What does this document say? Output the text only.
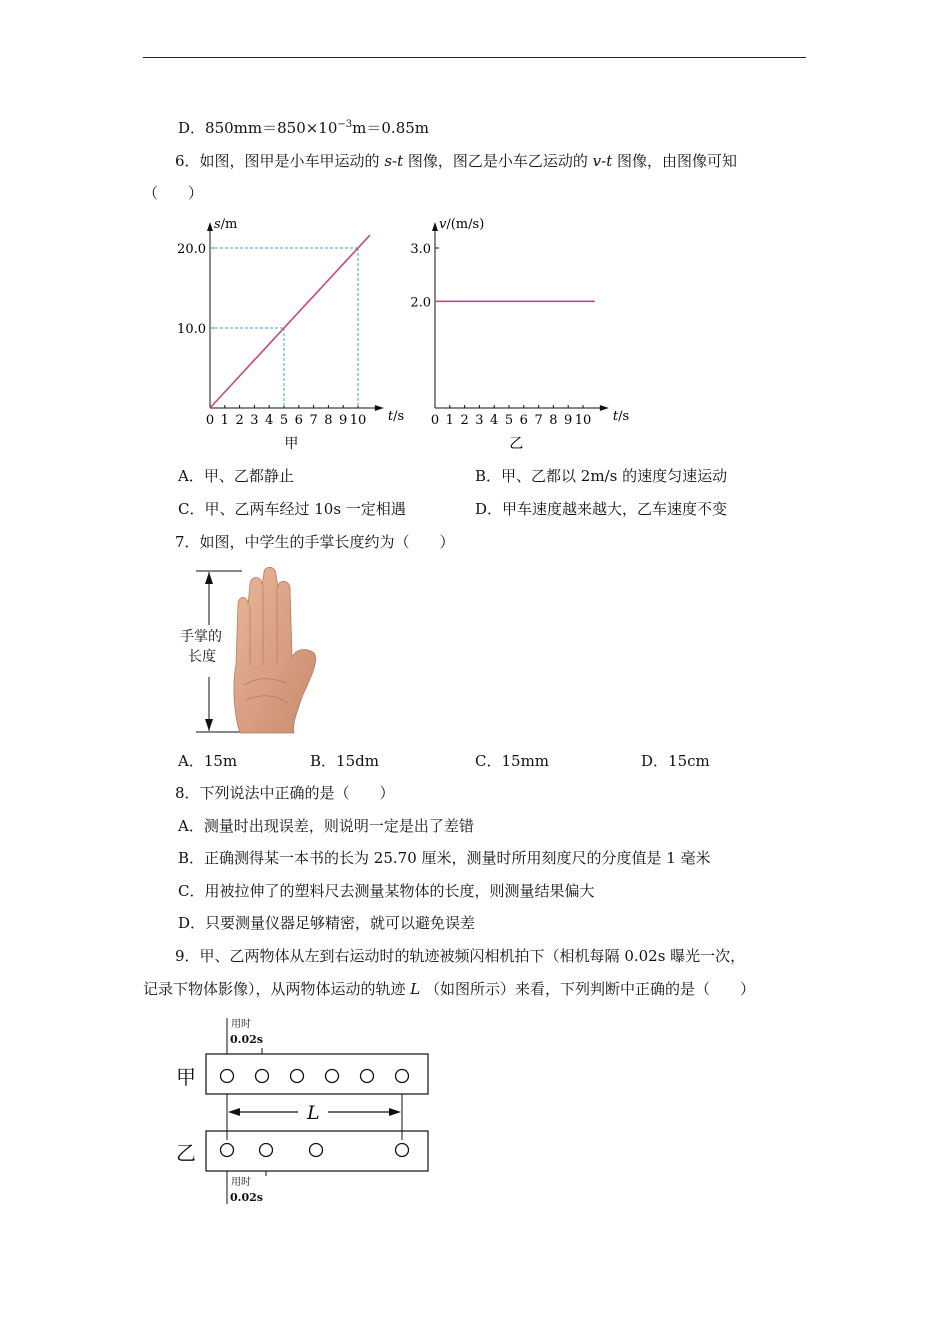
D．$850mm=850\times 10^{-3}m=0.85m$
6．如图，图甲是小车甲运动的 s-t 图像，图乙是小车乙运动的 v-t 图像，由图像可知
（　　）
s/m
t/s
0 1 2 3 4 5 6 7 8 9 10
10.0
20.0
甲
v/(m/s)
t/s
0 1 2 3 4 5 6 7 8 9 10
2.0
3.0
乙
A．甲、乙都静止	B．甲、乙都以 2m/s 的速度匀速运动
C．甲、乙两车经过 10s 一定相遇	D．甲车速度越来越大，乙车速度不变
7．如图，中学生的手掌长度约为（　　）
手掌的
长度
A．15m	B．15dm	C．15mm	D．15cm
8．下列说法中正确的是（　　）
A．测量时出现误差，则说明一定是出了差错
B．正确测得某一本书的长为 25.70 厘米，测量时所用刻度尺的分度值是 1 毫米
C．用被拉伸了的塑料尺去测量某物体的长度，则测量结果偏大
D．只要测量仪器足够精密，就可以避免误差
9．甲、乙两物体从左到右运动时的轨迹被频闪相机拍下（相机每隔 0.02s 曝光一次，
记录下物体影像），从两物体运动的轨迹 L （如图所示）来看，下列判断中正确的是（　　）
用时
0.02s
甲
L
乙
用时
0.02s
